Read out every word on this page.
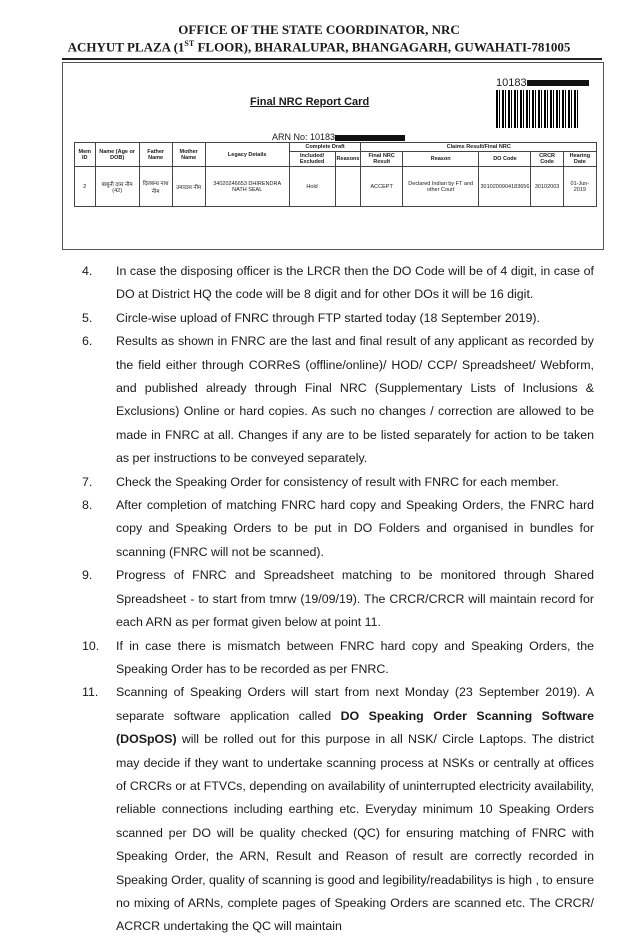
OFFICE OF THE STATE COORDINATOR, NRC
ACHYUT PLAZA (1ST FLOOR), BHARALUPAR, BHANGAGARH, GUWAHATI-781005
Final NRC Report Card
10183
ARN No: 10183
Mem ID	Name (Age or DOB)	Father Name	Mother Name	Legacy Details	Complete Draft		Claims Result/Final NRC				
					Included/ Excluded	Reasons	Final NRC Result	Reason	DO Code	CRCR Code	Hearing Date
2	बाबुनी दास नीम (42)	दिलबन्ध नाथ नीम	उमादास नीम	34020246653 DHIRENDRA NATH SEAL	Hold		ACCEPT	Declared Indian by FT and other Court	3010200904183656	30102003	01-Jun-2019
4.	In case the disposing officer is the LRCR then the DO Code will be of 4 digit, in case of DO at District HQ the code will be 8 digit and for other DOs it will be 16 digit.
5.	Circle-wise upload of FNRC through FTP started today (18 September 2019).
6.	Results as shown in FNRC are the last and final result of any applicant as recorded by the field either through CORReS (offline/online)/ HOD/ CCP/ Spreadsheet/ Webform, and published already through Final NRC (Supplementary Lists of Inclusions & Exclusions) Online or hard copies. As such no changes / correction are allowed to be made in FNRC at all. Changes if any are to be listed separately for action to be taken as per instructions to be conveyed separately.
7.	Check the Speaking Order for consistency of result with FNRC for each member.
8.	After completion of matching FNRC hard copy and Speaking Orders, the FNRC hard copy and Speaking Orders to be put in DO Folders and organised in bundles for scanning (FNRC will not be scanned).
9.	Progress of FNRC and Spreadsheet matching to be monitored through Shared Spreadsheet - to start from tmrw (19/09/19). The CRCR/CRCR will maintain record for each ARN as per format given below at point 11.
10.	If in case there is mismatch between FNRC hard copy and Speaking Orders, the Speaking Order has to be recorded as per FNRC.
11.	Scanning of Speaking Orders will start from next Monday (23 September 2019). A separate software application called DO Speaking Order Scanning Software (DOSpOS) will be rolled out for this purpose in all NSK/ Circle Laptops. The district may decide if they want to undertake scanning process at NSKs or centrally at offices of CRCRs or at FTVCs, depending on availability of uninterrupted electricity availability, reliable connections including earthing etc. Everyday minimum 10 Speaking Orders scanned per DO will be quality checked (QC) for ensuring matching of FNRC with Speaking Order, the ARN, Result and Reason of result are correctly recorded in Speaking Order, quality of scanning is good and legibility/readabilitys is high , to ensure no mixing of ARNs, complete pages of Speaking Orders are scanned etc. The CRCR/ ACRCR undertaking the QC will maintain
